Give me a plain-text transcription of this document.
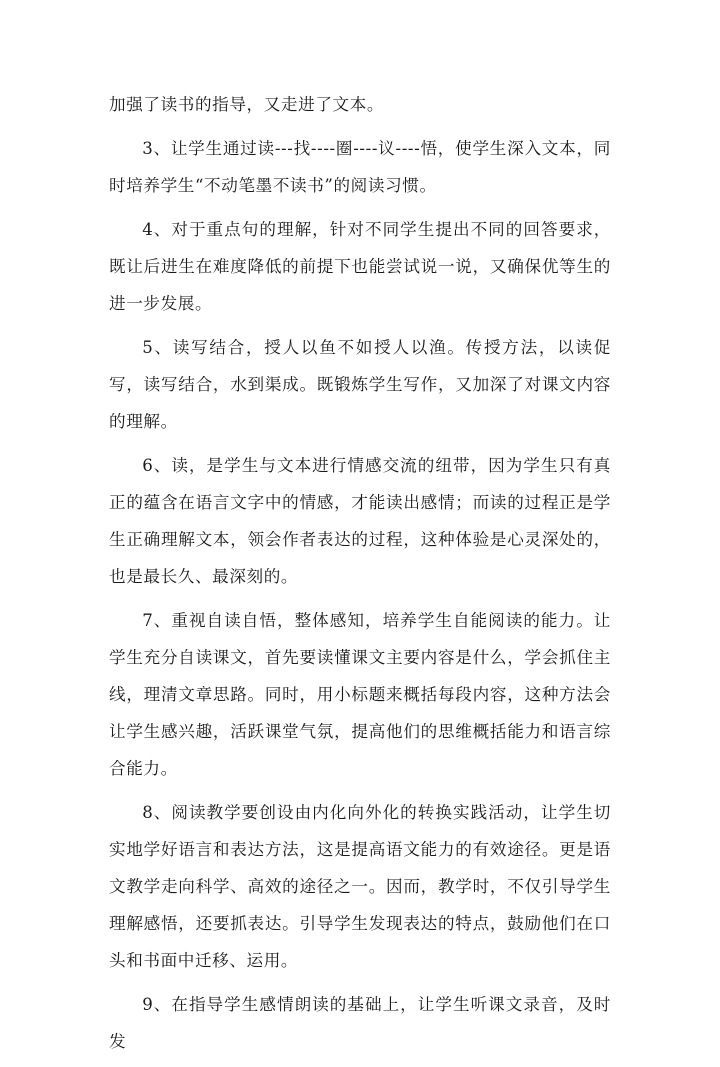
加强了读书的指导，又走进了文本。

3、让学生通过读---找----圈----议----悟，使学生深入文本，同时培养学生“不动笔墨不读书”的阅读习惯。

4、对于重点句的理解，针对不同学生提出不同的回答要求，既让后进生在难度降低的前提下也能尝试说一说，又确保优等生的进一步发展。

5、读写结合，授人以鱼不如授人以渔。传授方法，以读促写，读写结合，水到渠成。既锻炼学生写作，又加深了对课文内容的理解。

6、读，是学生与文本进行情感交流的纽带，因为学生只有真正的蕴含在语言文字中的情感，才能读出感情；而读的过程正是学生正确理解文本，领会作者表达的过程，这种体验是心灵深处的，也是最长久、最深刻的。

7、重视自读自悟，整体感知，培养学生自能阅读的能力。让学生充分自读课文，首先要读懂课文主要内容是什么，学会抓住主线，理清文章思路。同时，用小标题来概括每段内容，这种方法会让学生感兴趣，活跃课堂气氛，提高他们的思维概括能力和语言综合能力。

8、阅读教学要创设由内化向外化的转换实践活动，让学生切实地学好语言和表达方法，这是提高语文能力的有效途径。更是语文教学走向科学、高效的途径之一。因而，教学时，不仅引导学生理解感悟，还要抓表达。引导学生发现表达的特点，鼓励他们在口头和书面中迁移、运用。

9、在指导学生感情朗读的基础上，让学生听课文录音，及时发
